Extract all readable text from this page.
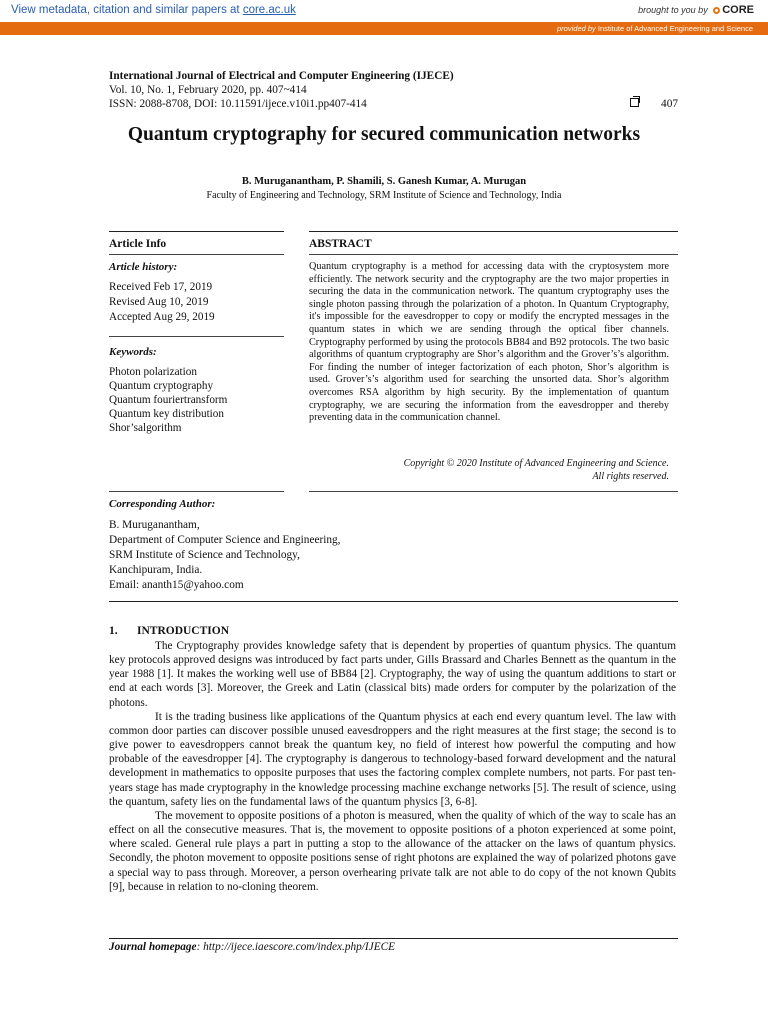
View metadata, citation and similar papers at core.ac.uk	brought to you by CORE
provided by Institute of Advanced Engineering and Science
International Journal of Electrical and Computer Engineering (IJECE)
Vol. 10, No. 1, February 2020, pp. 407~414
ISSN: 2088-8708, DOI: 10.11591/ijece.v10i1.pp407-414	407
Quantum cryptography for secured communication networks
B. Muruganantham, P. Shamili, S. Ganesh Kumar, A. Murugan
Faculty of Engineering and Technology, SRM Institute of Science and Technology, India
Article Info	ABSTRACT
Article history:
Received Feb 17, 2019
Revised Aug 10, 2019
Accepted Aug 29, 2019
Keywords:
Photon polarization
Quantum cryptography
Quantum fouriertransform
Quantum key distribution
Shor’salgorithm
Quantum cryptography is a method for accessing data with the cryptosystem more efficiently. The network security and the cryptography are the two major properties in securing the data in the communication network. The quantum cryptography uses the single photon passing through the polarization of a photon. In Quantum Cryptography, it's impossible for the eavesdropper to copy or modify the encrypted messages in the quantum states in which we are sending through the optical fiber channels. Cryptography performed by using the protocols BB84 and B92 protocols. The two basic algorithms of quantum cryptography are Shor’s algorithm and the Grover’s’s algorithm. For finding the number of integer factorization of each photon, Shor’s algorithm is used. Grover’s’s algorithm used for searching the unsorted data. Shor’s algorithm overcomes RSA algorithm by high security. By the implementation of quantum cryptography, we are securing the information from the eavesdropper and thereby preventing data in the communication channel.
Copyright © 2020 Institute of Advanced Engineering and Science.
All rights reserved.
Corresponding Author:
B. Muruganantham,
Department of Computer Science and Engineering,
SRM Institute of Science and Technology,
Kanchipuram, India.
Email: ananth15@yahoo.com
1. INTRODUCTION

The Cryptography provides knowledge safety that is dependent by properties of quantum physics. The quantum key protocols approved designs was introduced by fact parts under, Gills Brassard and Charles Bennett as the quantum in the year 1988 [1]. It makes the working well use of BB84 [2]. Cryptography, the way of using the quantum additions to start or end at each words [3]. Moreover, the Greek and Latin (classical bits) made orders for computer by the polarization of the photons.

It is the trading business like applications of the Quantum physics at each end every quantum level. The law with common door parties can discover possible unused eavesdroppers and the right measures at the first stage; the second is to give power to eavesdroppers cannot break the quantum key, no field of interest how powerful the computing and how probable of the eavesdropper [4]. The cryptography is dangerous to technology-based forward development and the natural development in mathematics to opposite purposes that uses the factoring complex complete numbers, not parts. For past ten-years stage has made cryptography in the knowledge processing machine exchange networks [5]. The result of science, using the quantum, safety lies on the fundamental laws of the quantum physics [3, 6-8].

The movement to opposite positions of a photon is measured, when the quality of which of the way to scale has an effect on all the consecutive measures. That is, the movement to opposite positions of a photon experienced at some point, where scaled. General rule plays a part in putting a stop to the allowance of the attacker on the laws of quantum physics. Secondly, the photon movement to opposite positions sense of right photons are explained the way of polarized photons gave a special way to pass through. Moreover, a person overhearing private talk are not able to do copy of the not known Qubits [9], because in relation to no-cloning theorem.

Journal homepage: http://ijece.iaescore.com/index.php/IJECE
